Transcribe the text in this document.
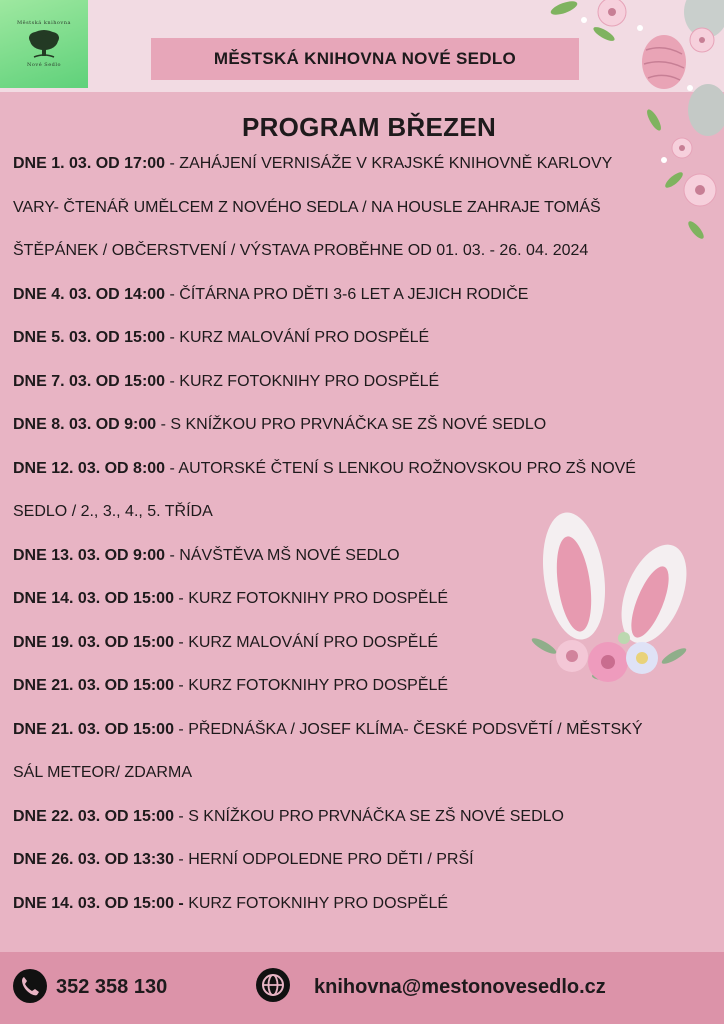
Městská knihovna
Nové Sedlo	MĚSTSKÁ KNIHOVNA NOVÉ SEDLO
PROGRAM BŘEZEN
DNE 1. 03. OD 17:00 - ZAHÁJENÍ VERNISÁŽE V KRAJSKÉ KNIHOVNĚ KARLOVY
VARY- ČTENÁŘ UMĚLCEM Z NOVÉHO SEDLA / NA HOUSLE ZAHRAJE TOMÁŠ
ŠTĚPÁNEK / OBČERSTVENÍ / VÝSTAVA PROBĚHNE OD 01. 03. - 26. 04. 2024
DNE 4. 03. OD 14:00 - ČÍTÁRNA PRO DĚTI 3-6 LET A JEJICH RODIČE
DNE 5. 03. OD 15:00 - KURZ MALOVÁNÍ PRO DOSPĚLÉ
DNE 7. 03. OD 15:00 - KURZ FOTOKNIHY PRO DOSPĚLÉ
DNE 8. 03. OD 9:00 - S KNÍŽKOU PRO PRVNÁČKA SE ZŠ NOVÉ SEDLO
DNE 12. 03. OD 8:00 - AUTORSKÉ ČTENÍ S LENKOU ROŽNOVSKOU PRO ZŠ NOVÉ
SEDLO / 2., 3., 4., 5. TŘÍDA
DNE 13. 03. OD 9:00 - NÁVŠTĚVA MŠ NOVÉ SEDLO
DNE 14. 03. OD 15:00 - KURZ FOTOKNIHY PRO DOSPĚLÉ
DNE 19. 03. OD 15:00 - KURZ MALOVÁNÍ PRO DOSPĚLÉ
DNE 21. 03. OD 15:00 - KURZ FOTOKNIHY PRO DOSPĚLÉ
DNE 21. 03. OD 15:00 - PŘEDNÁŠKA / JOSEF KLÍMA- ČESKÉ PODSVĚTÍ / MĚSTSKÝ
SÁL METEOR/ ZDARMA
DNE 22. 03. OD 15:00 - S KNÍŽKOU PRO PRVNÁČKA SE ZŠ NOVÉ SEDLO
DNE 26. 03. OD 13:30 - HERNÍ ODPOLEDNE PRO DĚTI / PRŠÍ
DNE 14. 03. OD 15:00 - KURZ FOTOKNIHY PRO DOSPĚLÉ
352 358 130	knihovna@mestonovesedlo.cz
